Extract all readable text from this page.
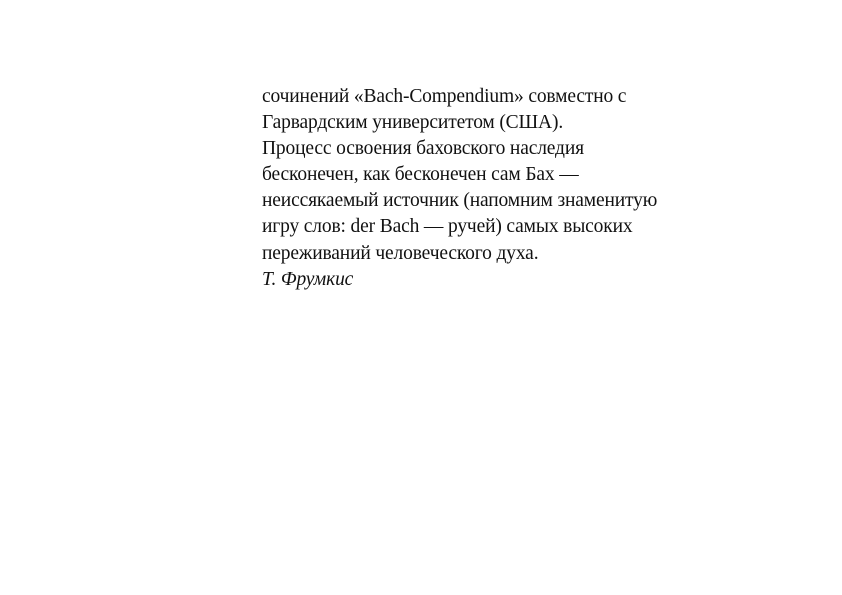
сочинений «Bach-Compendium» совместно с
Гарвардским университетом (США).
Процесс освоения баховского наследия
бесконечен, как бесконечен сам Бах —
неиссякаемый источник (напомним знаменитую
игру слов: der Bach — ручей) самых высоких
переживаний человеческого духа.
Т. Фрумкис
